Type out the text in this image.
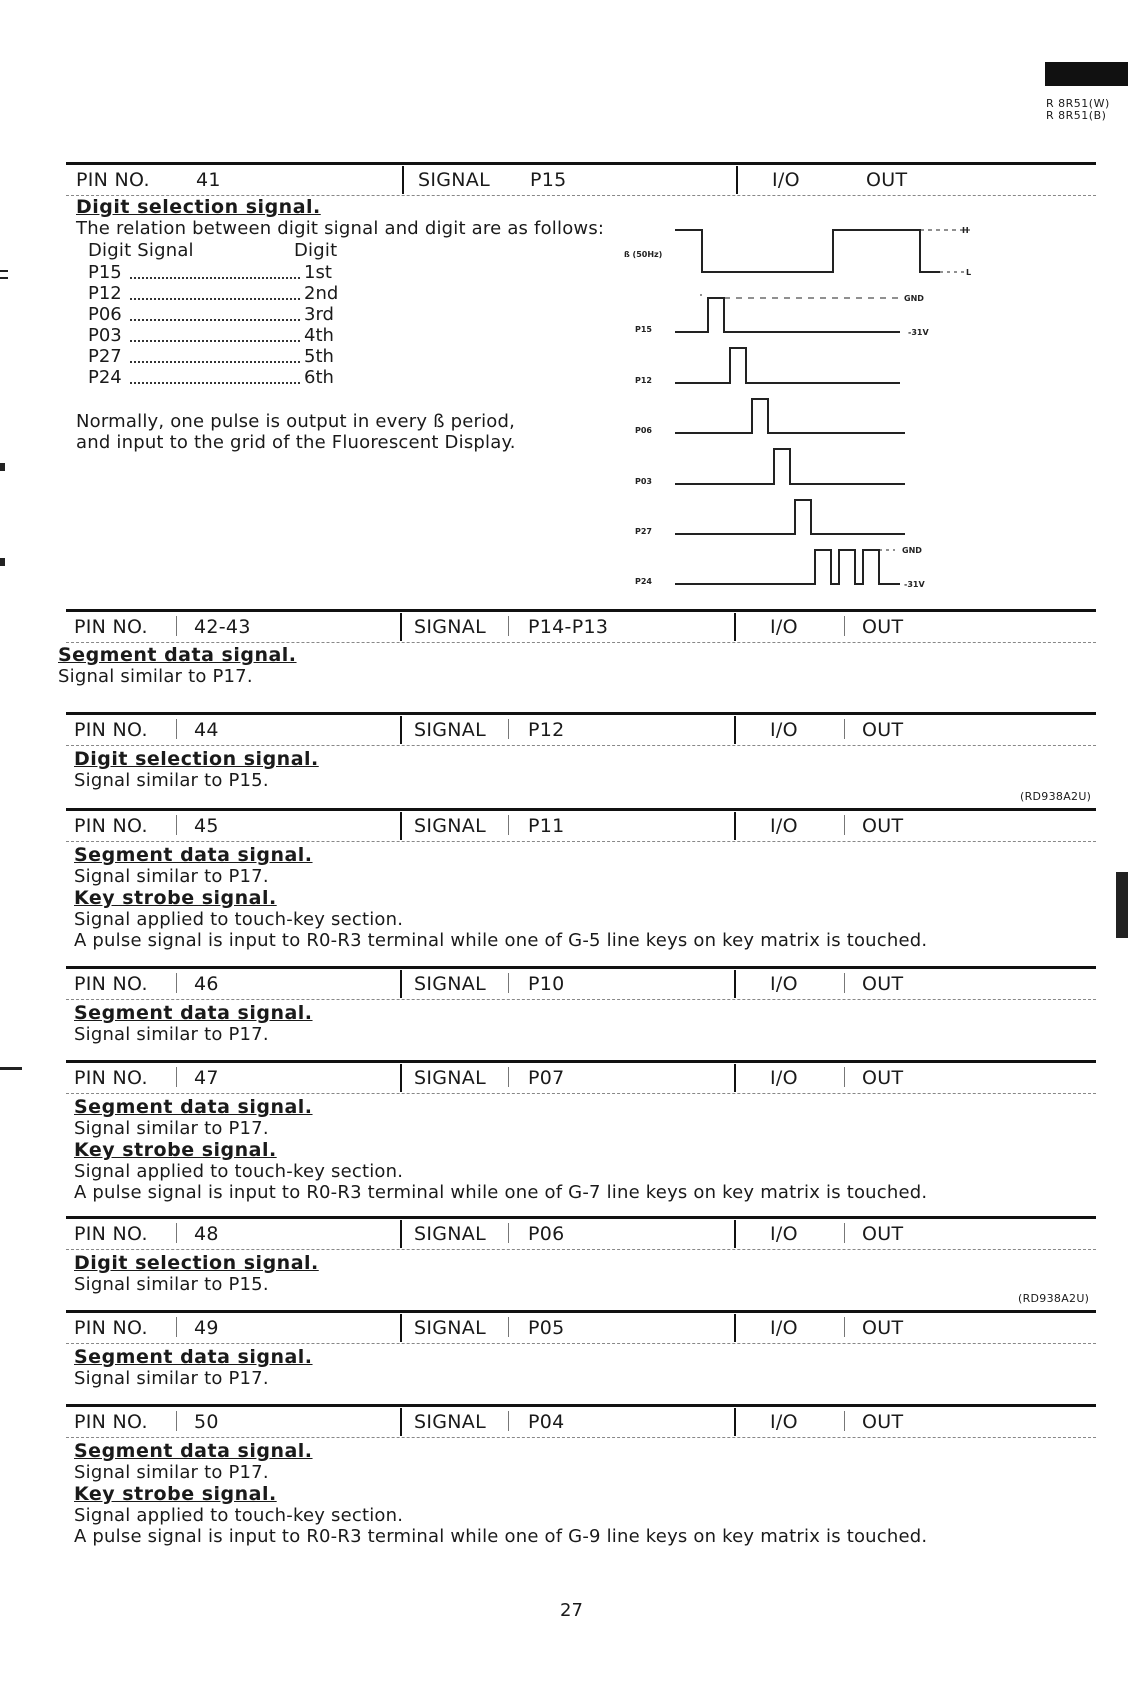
R 8R51(W)
R 8R51(B)
PIN NO. 41	SIGNAL P15	I/O	OUT
Digit selection signal.
The relation between digit signal and digit are as follows:
Digit Signal	Digit
P15	1st
P12	2nd
P06	3rd
P03	4th
P27	5th
P24	6th
Normally, one pulse is output in every ß period,
and input to the grid of the Fluorescent Display.
ß (50Hz)
P15
P12
P06
P03
P27
P24
H
L
GND
-31V
GND
-31V
PIN NO. 42-43	SIGNAL P14-P13	I/O	OUT
Segment data signal.
Signal similar to P17.
PIN NO. 44	SIGNAL P12	I/O	OUT
Digit selection signal.
Signal similar to P15.
(RD938A2U)
PIN NO. 45	SIGNAL P11	I/O	OUT
Segment data signal.
Signal similar to P17.
Key strobe signal.
Signal applied to touch-key section.
A pulse signal is input to R0-R3 terminal while one of G-5 line keys on key matrix is touched.
PIN NO. 46	SIGNAL P10	I/O	OUT
Segment data signal.
Signal similar to P17.
PIN NO. 47	SIGNAL P07	I/O	OUT
Segment data signal.
Signal similar to P17.
Key strobe signal.
Signal applied to touch-key section.
A pulse signal is input to R0-R3 terminal while one of G-7 line keys on key matrix is touched.
PIN NO. 48	SIGNAL P06	I/O	OUT
Digit selection signal.
Signal similar to P15.
(RD938A2U)
PIN NO. 49	SIGNAL P05	I/O	OUT
Segment data signal.
Signal similar to P17.
PIN NO. 50	SIGNAL P04	I/O	OUT
Segment data signal.
Signal similar to P17.
Key strobe signal.
Signal applied to touch-key section.
A pulse signal is input to R0-R3 terminal while one of G-9 line keys on key matrix is touched.
27
